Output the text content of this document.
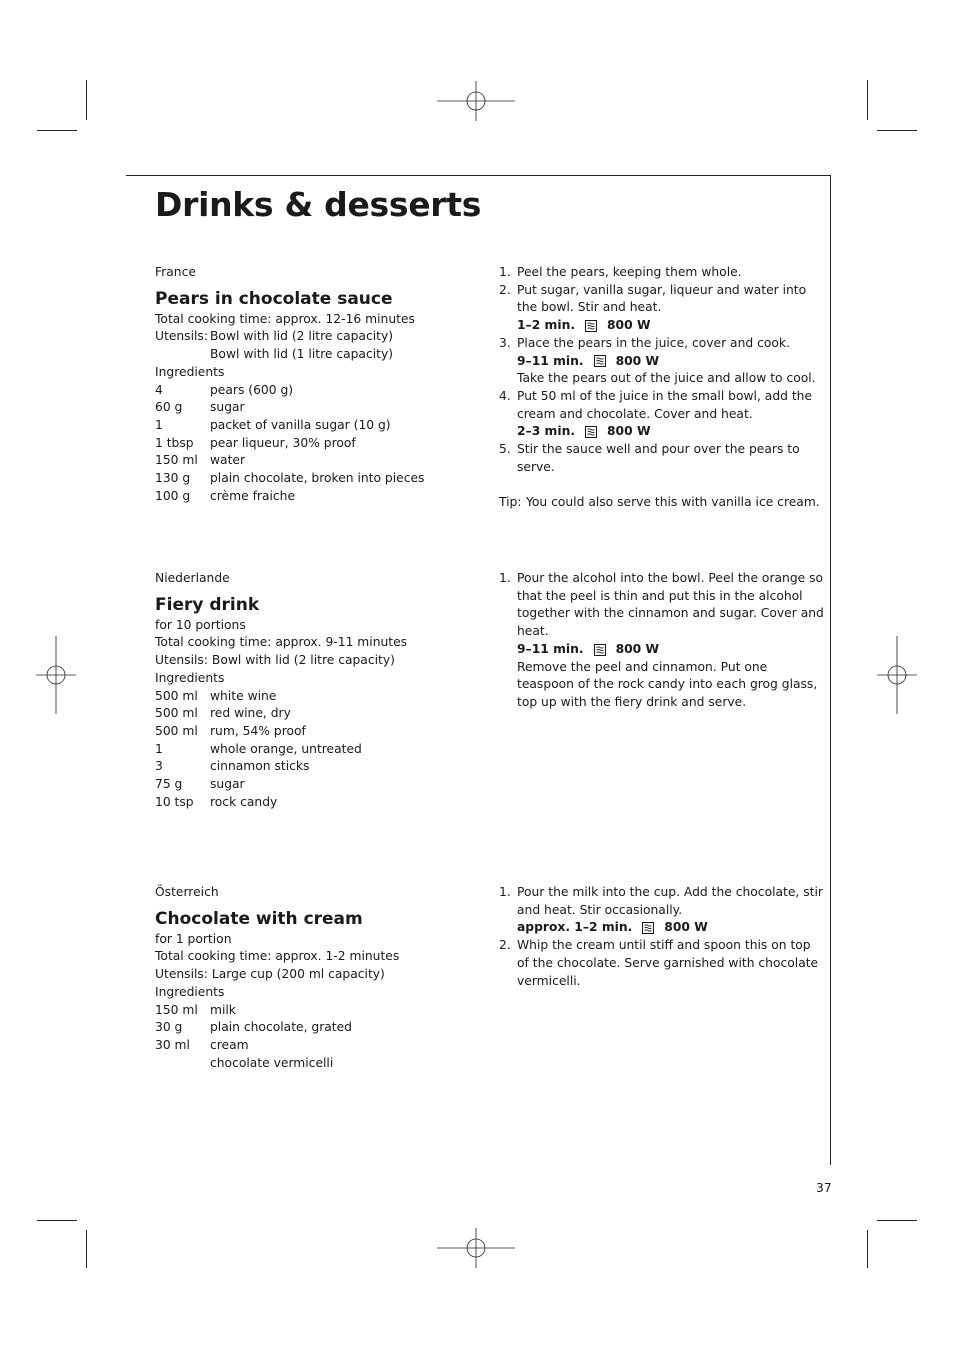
Drinks & desserts
France
Pears in chocolate sauce
Total cooking time: approx. 12-16 minutes
Utensils: Bowl with lid (2 litre capacity)
Bowl with lid (1 litre capacity)
Ingredients
4	pears (600 g)
60 g	sugar
1	packet of vanilla sugar (10 g)
1 tbsp	pear liqueur, 30% proof
150 ml water
130 g	plain chocolate, broken into pieces
100 g	crème fraiche
1. Peel the pears, keeping them whole.
2. Put sugar, vanilla sugar, liqueur and water into the bowl. Stir and heat.
1–2 min.	800 W
3. Place the pears in the juice, cover and cook.
9–11 min.	800 W
Take the pears out of the juice and allow to cool.
4. Put 50 ml of the juice in the small bowl, add the cream and chocolate. Cover and heat.
2–3 min.	800 W
5. Stir the sauce well and pour over the pears to serve.
Tip: You could also serve this with vanilla ice cream.
Niederlande
Fiery drink
for 10 portions
Total cooking time: approx. 9-11 minutes
Utensils: Bowl with lid (2 litre capacity)
Ingredients
500 ml white wine
500 ml red wine, dry
500 ml rum, 54% proof
1	whole orange, untreated
3	cinnamon sticks
75 g	sugar
10 tsp	rock candy
1. Pour the alcohol into the bowl. Peel the orange so that the peel is thin and put this in the alcohol together with the cinnamon and sugar. Cover and heat.
9–11 min.	800 W
Remove the peel and cinnamon. Put one teaspoon of the rock candy into each grog glass, top up with the fiery drink and serve.
Österreich
Chocolate with cream
for 1 portion
Total cooking time: approx. 1-2 minutes
Utensils: Large cup (200 ml capacity)
Ingredients
150 ml milk
30 g	plain chocolate, grated
30 ml	cream
chocolate vermicelli
1. Pour the milk into the cup. Add the chocolate, stir and heat. Stir occasionally.
approx. 1–2 min.	800 W
2. Whip the cream until stiff and spoon this on top of the chocolate. Serve garnished with chocolate vermicelli.
37
